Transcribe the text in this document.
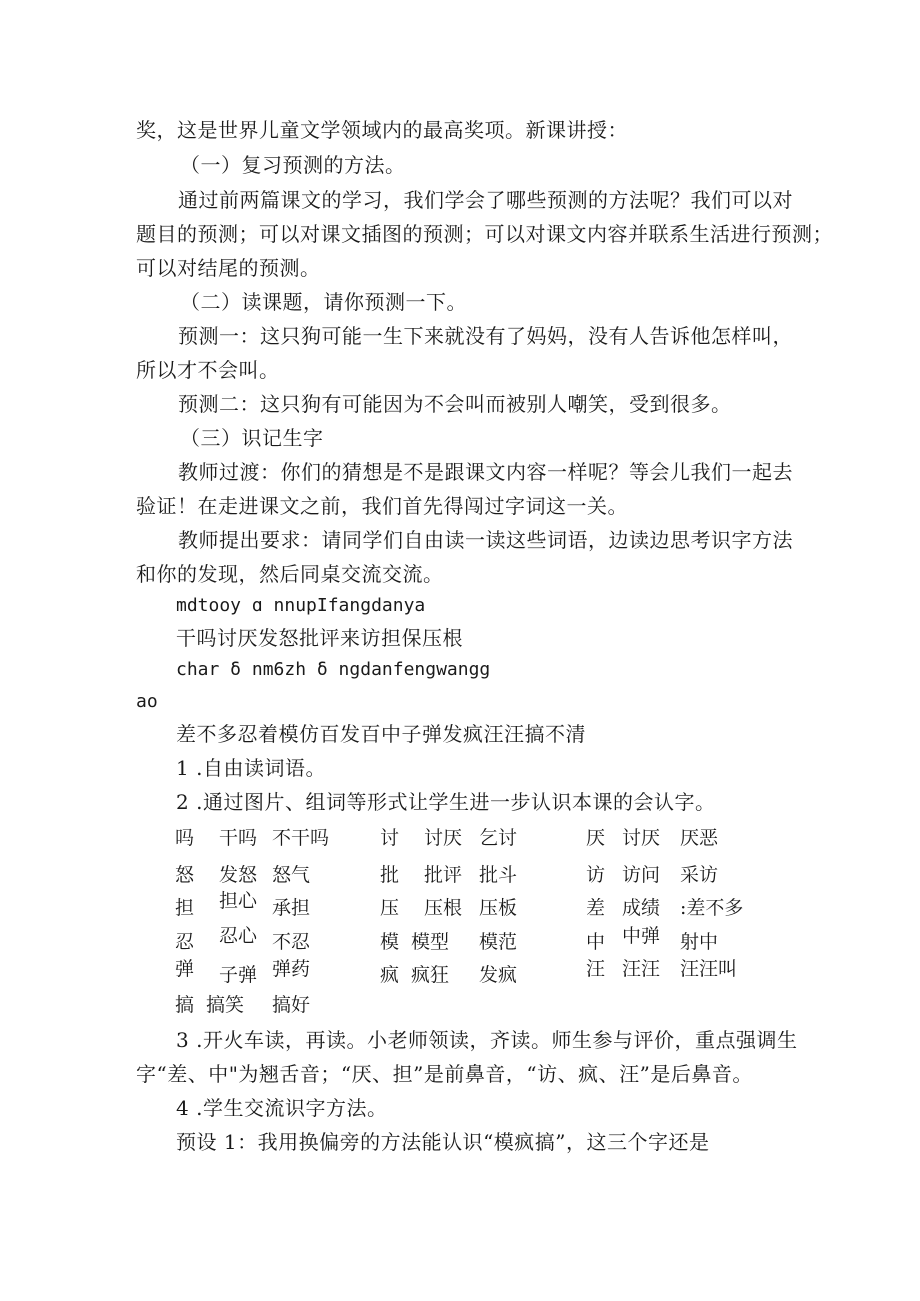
奖，这是世界儿童文学领域内的最高奖项。新课讲授：
（一）复习预测的方法。
通过前两篇课文的学习，我们学会了哪些预测的方法呢？我们可以对
题目的预测；可以对课文插图的预测；可以对课文内容并联系生活进行预测；
可以对结尾的预测。
（二）读课题，请你预测一下。
预测一：这只狗可能一生下来就没有了妈妈，没有人告诉他怎样叫，
所以才不会叫。
预测二：这只狗有可能因为不会叫而被别人嘲笑，受到很多。
（三）识记生字
教师过渡：你们的猜想是不是跟课文内容一样呢？等会儿我们一起去
验证！在走进课文之前，我们首先得闯过字词这一关。
教师提出要求：请同学们自由读一读这些词语，边读边思考识字方法
和你的发现，然后同桌交流交流。
mdtooy ɑ nnupIfangdanya
干吗讨厌发怒批评来访担保压根
char δ nm6zh δ ngdanfengwangg
ao
差不多忍着模仿百发百中子弹发疯汪汪搞不清
1 .自由读词语。
2 .通过图片、组词等形式让学生进一步认识本课的会认字。
吗 干吗 不干吗	讨 讨厌 乞讨	厌 讨厌 厌恶
怒 发怒 怒气	批 批评 批斗	访 访问 采访
担 担心 承担	压 压根 压板	差 成绩 :差不多
忍 忍心 不忍	模 模型 模范	中 中弹 射中
弹 子弹 弹药	疯 疯狂 发疯	汪 汪汪 汪汪叫
搞 搞笑 搞好
3 .开火车读，再读。小老师领读，齐读。师生参与评价，重点强调生
字“差、中"为翘舌音；“厌、担”是前鼻音，“访、疯、汪”是后鼻音。
4 .学生交流识字方法。
预设 1：我用换偏旁的方法能认识“模疯搞”，这三个字还是
